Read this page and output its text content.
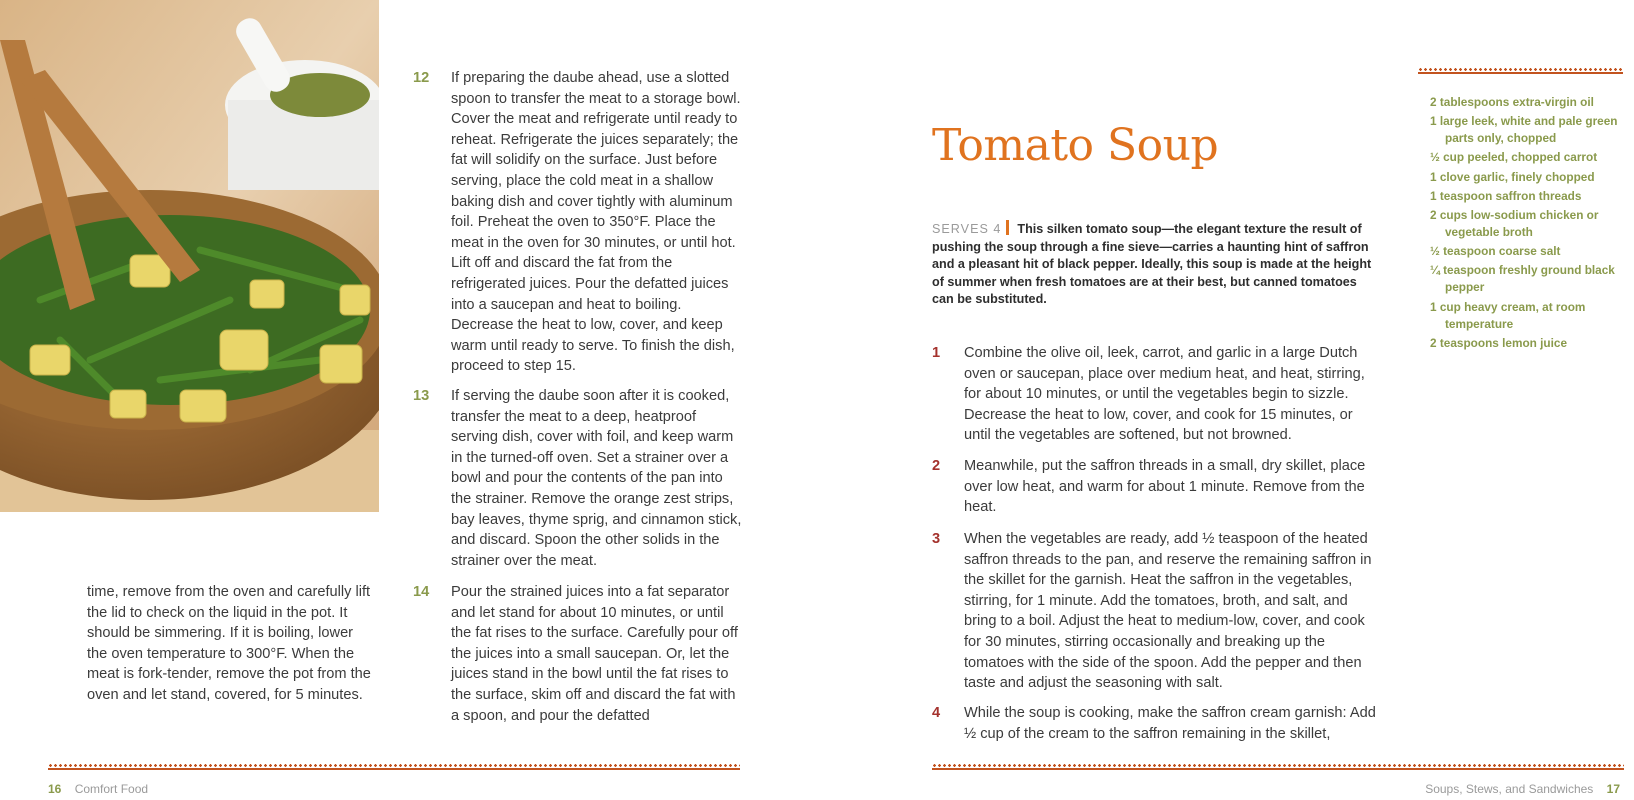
time, remove from the oven and carefully lift the lid to check on the liquid in the pot. It should be simmering. If it is boiling, lower the oven temperature to 300°F. When the meat is fork-tender, remove the pot from the oven and let stand, covered, for 5 minutes.
12 If preparing the daube ahead, use a slotted spoon to transfer the meat to a storage bowl. Cover the meat and refrigerate until ready to reheat. Refrigerate the juices separately; the fat will solidify on the surface. Just before serving, place the cold meat in a shallow baking dish and cover tightly with aluminum foil. Preheat the oven to 350°F. Place the meat in the oven for 30 minutes, or until hot. Lift off and discard the fat from the refrigerated juices. Pour the defatted juices into a saucepan and heat to boiling. Decrease the heat to low, cover, and keep warm until ready to serve. To finish the dish, proceed to step 15.
13 If serving the daube soon after it is cooked, transfer the meat to a deep, heatproof serving dish, cover with foil, and keep warm in the turned-off oven. Set a strainer over a bowl and pour the contents of the pan into the strainer. Remove the orange zest strips, bay leaves, thyme sprig, and cinnamon stick, and discard. Spoon the other solids in the strainer over the meat.
14 Pour the strained juices into a fat separator and let stand for about 10 minutes, or until the fat rises to the surface. Carefully pour off the juices into a small saucepan. Or, let the juices stand in the bowl until the fat rises to the surface, skim off and discard the fat with a spoon, and pour the defatted
16 Comfort Food
Tomato Soup
SERVES 4 This silken tomato soup—the elegant texture the result of pushing the soup through a fine sieve—carries a haunting hint of saffron and a pleasant hit of black pepper. Ideally, this soup is made at the height of summer when fresh tomatoes are at their best, but canned tomatoes can be substituted.
2 tablespoons extra-virgin oil
1 large leek, white and pale green parts only, chopped
½ cup peeled, chopped carrot
1 clove garlic, finely chopped
1 teaspoon saffron threads
2 cups low-sodium chicken or vegetable broth
½ teaspoon coarse salt
¼ teaspoon freshly ground black pepper
1 cup heavy cream, at room temperature
2 teaspoons lemon juice
1 Combine the olive oil, leek, carrot, and garlic in a large Dutch oven or saucepan, place over medium heat, and heat, stirring, for about 10 minutes, or until the vegetables begin to sizzle. Decrease the heat to low, cover, and cook for 15 minutes, or until the vegetables are softened, but not browned.
2 Meanwhile, put the saffron threads in a small, dry skillet, place over low heat, and warm for about 1 minute. Remove from the heat.
3 When the vegetables are ready, add ½ teaspoon of the heated saffron threads to the pan, and reserve the remaining saffron in the skillet for the garnish. Heat the saffron in the vegetables, stirring, for 1 minute. Add the tomatoes, broth, and salt, and bring to a boil. Adjust the heat to medium-low, cover, and cook for 30 minutes, stirring occasionally and breaking up the tomatoes with the side of the spoon. Add the pepper and then taste and adjust the seasoning with salt.
4 While the soup is cooking, make the saffron cream garnish: Add ½ cup of the cream to the saffron remaining in the skillet,
Soups, Stews, and Sandwiches 17
